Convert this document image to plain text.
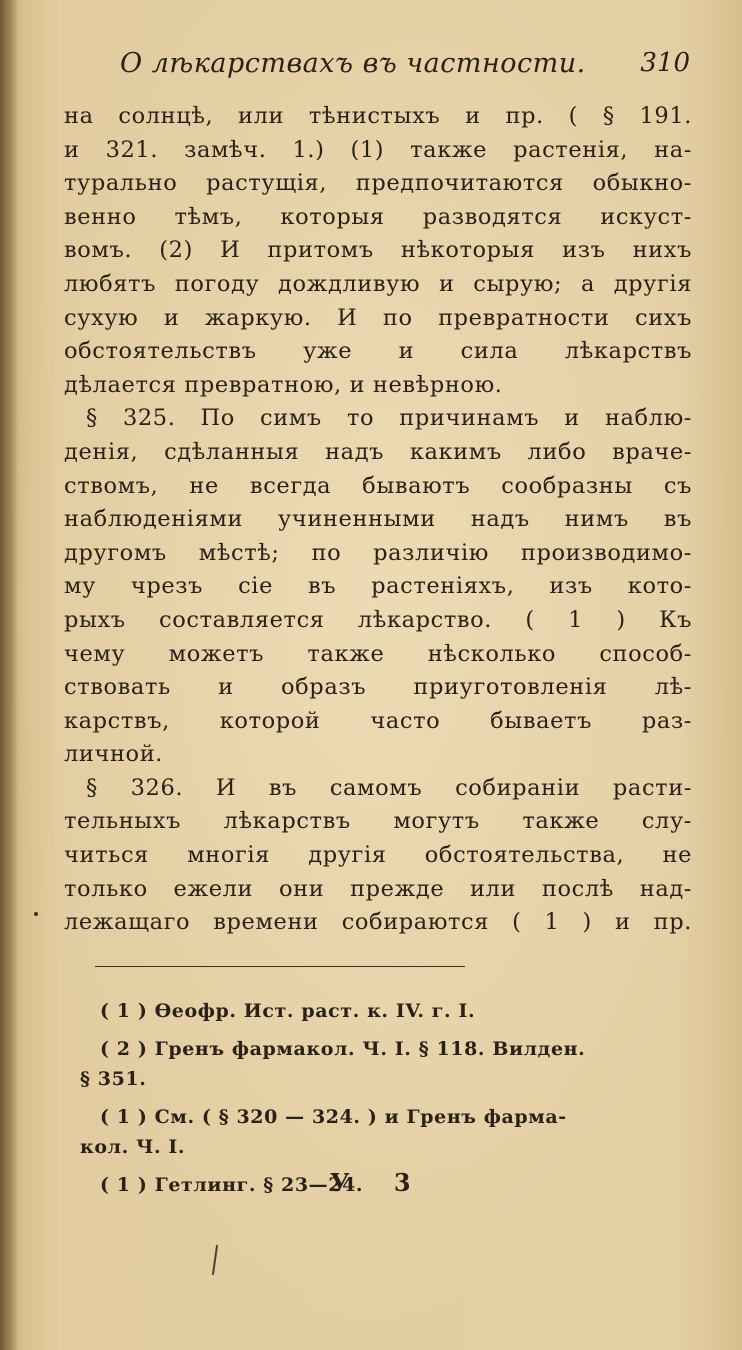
О лѣкарствахъ въ частности. 310
на солнцѣ, или тѣнистыхъ и пр. ( § 191.
и 321. замѣч. 1.) (1) также растенія, на-
турально растущія, предпочитаются обыкно-
венно тѣмъ, которыя разводятся искуст-
вомъ. (2) И притомъ нѣкоторыя изъ нихъ
любятъ погоду дождливую и сырую; а другія
сухую и жаркую. И по превратности сихъ
обстоятельствъ уже и сила лѣкарствъ
дѣлается превратною, и невѣрною.
§ 325. По симъ то причинамъ и наблю-
денія, сдѣланныя надъ какимъ либо враче-
ствомъ, не всегда бываютъ сообразны съ
наблюденіями учиненными надъ нимъ въ
другомъ мѣстѣ; по различію производимо-
му чрезъ сіе въ растеніяхъ, изъ кото-
рыхъ составляется лѣкарство. ( 1 ) Къ
чему можетъ также нѣсколько способ-
ствовать и образъ приуготовленія лѣ-
карствъ, которой часто бываетъ раз-
личной.
§ 326. И въ самомъ собираніи расти-
тельныхъ лѣкарствъ могутъ также слу-
читься многія другія обстоятельства, не
только ежели они прежде или послѣ над-
лежащаго времени собираются ( 1 ) и пр.
( 1 ) Өеофр. Ист. раст. к. IV. г. I.
( 2 ) Гренъ фармакол. Ч. I. § 118. Вилден.
§ 351.
( 1 ) См. ( § 320 — 324. ) и Гренъ фарма-
кол. Ч. I.
( 1 ) Гетлинг. § 23—24.
У 3
